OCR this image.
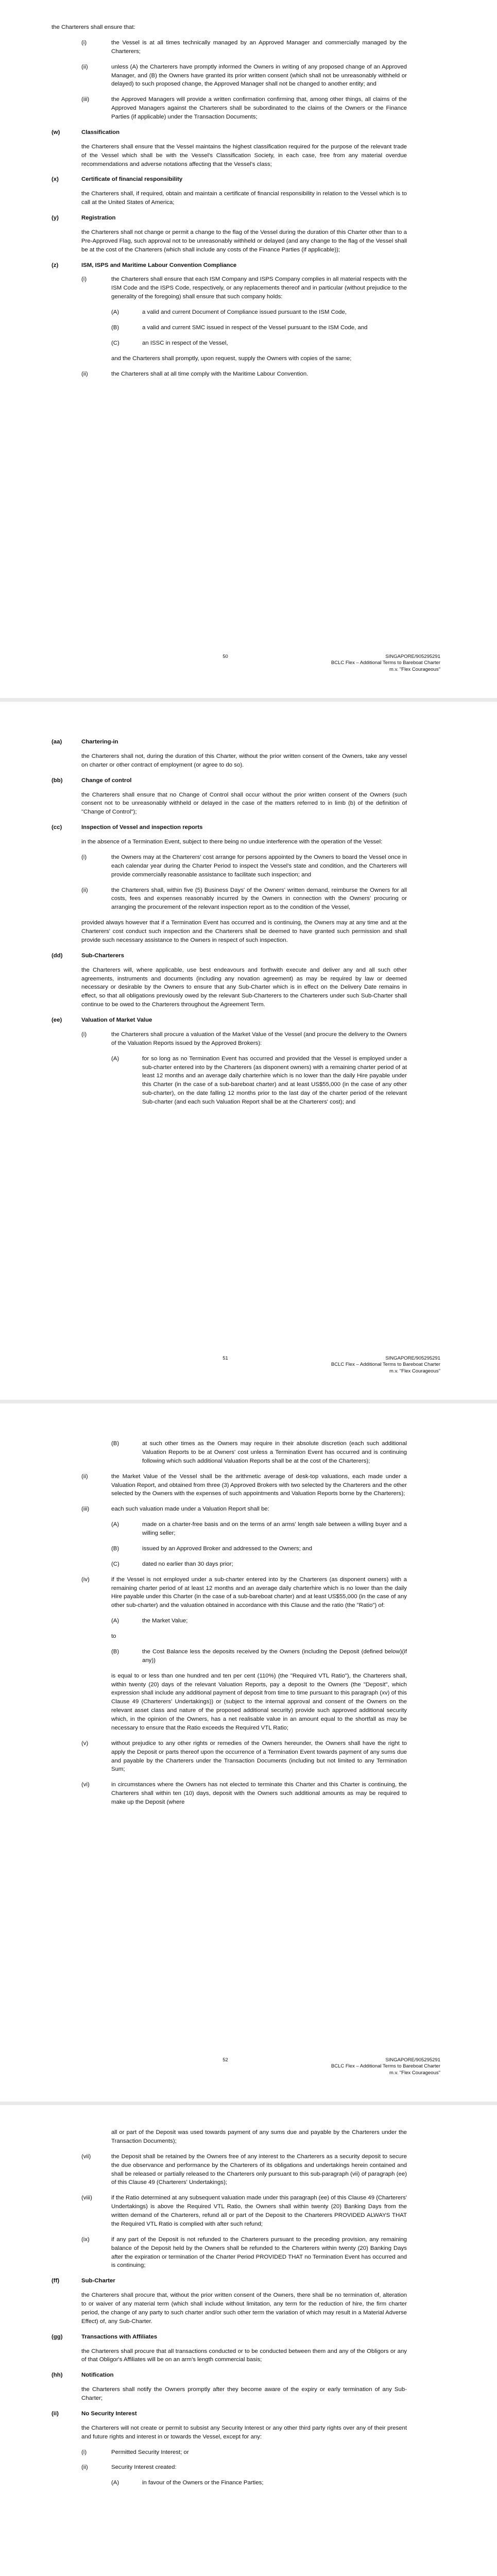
the Charterers shall ensure that:

(i)	the Vessel is at all times technically managed by an Approved Manager and commercially managed by the Charterers;
(ii)	unless (A) the Charterers have promptly informed the Owners in writing of any proposed change of an Approved Manager, and (B) the Owners have granted its prior written consent (which shall not be unreasonably withheld or delayed) to such proposed change, the Approved Manager shall not be changed to another entity; and
(iii)	the Approved Managers will provide a written confirmation confirming that, among other things, all claims of the Approved Managers against the Charterers shall be subordinated to the claims of the Owners or the Finance Parties (if applicable) under the Transaction Documents;
(w)	Classification

the Charterers shall ensure that the Vessel maintains the highest classification required for the purpose of the relevant trade of the Vessel which shall be with the Vessel's Classification Society, in each case, free from any material overdue recommendations and adverse notations affecting that the Vessel's class;

(x)	Certificate of financial responsibility

the Charterers shall, if required, obtain and maintain a certificate of financial responsibility in relation to the Vessel which is to call at the United States of America;

(y)	Registration

the Charterers shall not change or permit a change to the flag of the Vessel during the duration of this Charter other than to a Pre-Approved Flag, such approval not to be unreasonably withheld or delayed (and any change to the flag of the Vessel shall be at the cost of the Charterers (which shall include any costs of the Finance Parties (if applicable));

(z)	ISM, ISPS and Maritime Labour Convention Compliance
(i)	the Charterers shall ensure that each ISM Company and ISPS Company complies in all material respects with the ISM Code and the ISPS Code, respectively, or any replacements thereof and in particular (without prejudice to the generality of the foregoing) shall ensure that such company holds:
(A)	a valid and current Document of Compliance issued pursuant to the ISM Code,
(B)	a valid and current SMC issued in respect of the Vessel pursuant to the ISM Code, and
(C)	an ISSC in respect of the Vessel,

and the Charterers shall promptly, upon request, supply the Owners with copies of the same;

(ii)	the Charterers shall at all time comply with the Maritime Labour Convention.
50	SINGAPORE/905295291
BCLC Flex – Additional Terms to Bareboat Charter
m.v. "Flex Courageous"
(aa)	Chartering-in

the Charterers shall not, during the duration of this Charter, without the prior written consent of the Owners, take any vessel on charter or other contract of employment (or agree to do so).

(bb)	Change of control

the Charterers shall ensure that no Change of Control shall occur without the prior written consent of the Owners (such consent not to be unreasonably withheld or delayed in the case of the matters referred to in limb (b) of the definition of "Change of Control");

(cc)	Inspection of Vessel and inspection reports

in the absence of a Termination Event, subject to there being no undue interference with the operation of the Vessel:

(i)	the Owners may at the Charterers' cost arrange for persons appointed by the Owners to board the Vessel once in each calendar year during the Charter Period to inspect the Vessel's state and condition, and the Charterers will provide commercially reasonable assistance to facilitate such inspection; and
(ii)	the Charterers shall, within five (5) Business Days' of the Owners' written demand, reimburse the Owners for all costs, fees and expenses reasonably incurred by the Owners in connection with the Owners' procuring or arranging the procurement of the relevant inspection report as to the condition of the Vessel,

provided always however that if a Termination Event has occurred and is continuing, the Owners may at any time and at the Charterers' cost conduct such inspection and the Charterers shall be deemed to have granted such permission and shall provide such necessary assistance to the Owners in respect of such inspection.

(dd)	Sub-Charterers

the Charterers will, where applicable, use best endeavours and forthwith execute and deliver any and all such other agreements, instruments and documents (including any novation agreement) as may be required by law or deemed necessary or desirable by the Owners to ensure that any Sub-Charter which is in effect on the Delivery Date remains in effect, so that all obligations previously owed by the relevant Sub-Charterers to the Charterers under such Sub-Charter shall continue to be owed to the Charterers throughout the Agreement Term.

(ee)	Valuation of Market Value
(i)	the Charterers shall procure a valuation of the Market Value of the Vessel (and procure the delivery to the Owners of the Valuation Reports issued by the Approved Brokers):
(A)	for so long as no Termination Event has occurred and provided that the Vessel is employed under a sub-charter entered into by the Charterers (as disponent owners) with a remaining charter period of at least 12 months and an average daily charterhire which is no lower than the daily Hire payable under this Charter (in the case of a sub-bareboat charter) and at least US$55,000 (in the case of any other sub-charter), on the date falling 12 months prior to the last day of the charter period of the relevant Sub-charter (and each such Valuation Report shall be at the Charterers' cost); and
51	SINGAPORE/905295291
BCLC Flex – Additional Terms to Bareboat Charter
m.v. "Flex Courageous"
(B)	at such other times as the Owners may require in their absolute discretion (each such additional Valuation Reports to be at Owners' cost unless a Termination Event has occurred and is continuing following which such additional Valuation Reports shall be at the cost of the Charterers);
(ii)	the Market Value of the Vessel shall be the arithmetic average of desk-top valuations, each made under a Valuation Report, and obtained from three (3) Approved Brokers with two selected by the Charterers and the other selected by the Owners with the expenses of such appointments and Valuation Reports borne by the Charterers);
(iii)	each such valuation made under a Valuation Report shall be:
(A)	made on a charter-free basis and on the terms of an arms' length sale between a willing buyer and a willing seller;
(B)	issued by an Approved Broker and addressed to the Owners; and
(C)	dated no earlier than 30 days prior;
(iv)	if the Vessel is not employed under a sub-charter entered into by the Charterers (as disponent owners) with a remaining charter period of at least 12 months and an average daily charterhire which is no lower than the daily Hire payable under this Charter (in the case of a sub-bareboat charter) and at least US$55,000 (in the case of any other sub-charter) and the valuation obtained in accordance with this Clause and the ratio (the "Ratio") of:
(A)	the Market Value;

to

(B)	the Cost Balance less the deposits received by the Owners (including the Deposit (defined below)(if any))

is equal to or less than one hundred and ten per cent (110%) (the "Required VTL Ratio"), the Charterers shall, within twenty (20) days of the relevant Valuation Reports, pay a deposit to the Owners (the "Deposit", which expression shall include any additional payment of deposit from time to time pursuant to this paragraph (xv) of this Clause 49 (Charterers' Undertakings)) or (subject to the internal approval and consent of the Owners on the relevant asset class and nature of the proposed additional security) provide such approved additional security which, in the opinion of the Owners, has a net realisable value in an amount equal to the shortfall as may be necessary to ensure that the Ratio exceeds the Required VTL Ratio;

(v)	without prejudice to any other rights or remedies of the Owners hereunder, the Owners shall have the right to apply the Deposit or parts thereof upon the occurrence of a Termination Event towards payment of any sums due and payable by the Charterers under the Transaction Documents (including but not limited to any Termination Sum;
(vi)	in circumstances where the Owners has not elected to terminate this Charter and this Charter is continuing, the Charterers shall within ten (10) days, deposit with the Owners such additional amounts as may be required to make up the Deposit (where
52	SINGAPORE/905295291
BCLC Flex – Additional Terms to Bareboat Charter
m.v. "Flex Courageous"

all or part of the Deposit was used towards payment of any sums due and payable by the Charterers under the Transaction Documents);

(vii)	the Deposit shall be retained by the Owners free of any interest to the Charterers as a security deposit to secure the due observance and performance by the Charterers of its obligations and undertakings herein contained and shall be released or partially released to the Charterers only pursuant to this sub-paragraph (vii) of paragraph (ee) of this Clause 49 (Charterers' Undertakings);
(viii)	if the Ratio determined at any subsequent valuation made under this paragraph (ee) of this Clause 49 (Charterers' Undertakings) is above the Required VTL Ratio, the Owners shall within twenty (20) Banking Days from the written demand of the Charterers, refund all or part of the Deposit to the Charterers PROVIDED ALWAYS THAT the Required VTL Ratio is complied with after such refund;
(ix)	if any part of the Deposit is not refunded to the Charterers pursuant to the preceding provision, any remaining balance of the Deposit held by the Owners shall be refunded to the Charterers within twenty (20) Banking Days after the expiration or termination of the Charter Period PROVIDED THAT no Termination Event has occurred and is continuing;
(ff)	Sub-Charter

the Charterers shall procure that, without the prior written consent of the Owners, there shall be no termination of, alteration to or waiver of any material term (which shall include without limitation, any term for the reduction of hire, the firm charter period, the change of any party to such charter and/or such other term the variation of which may result in a Material Adverse Effect) of, any Sub-Charter.

(gg)	Transactions with Affiliates

the Charterers shall procure that all transactions conducted or to be conducted between them and any of the Obligors or any of that Obligor's Affiliates will be on an arm's length commercial basis;

(hh)	Notification

the Charterers shall notify the Owners promptly after they become aware of the expiry or early termination of any Sub-Charter;

(ii)	No Security Interest

the Charterers will not create or permit to subsist any Security Interest or any other third party rights over any of their present and future rights and interest in or towards the Vessel, except for any:

(i)	Permitted Security Interest; or
(ii)	Security Interest created:
(A)	in favour of the Owners or the Finance Parties;
